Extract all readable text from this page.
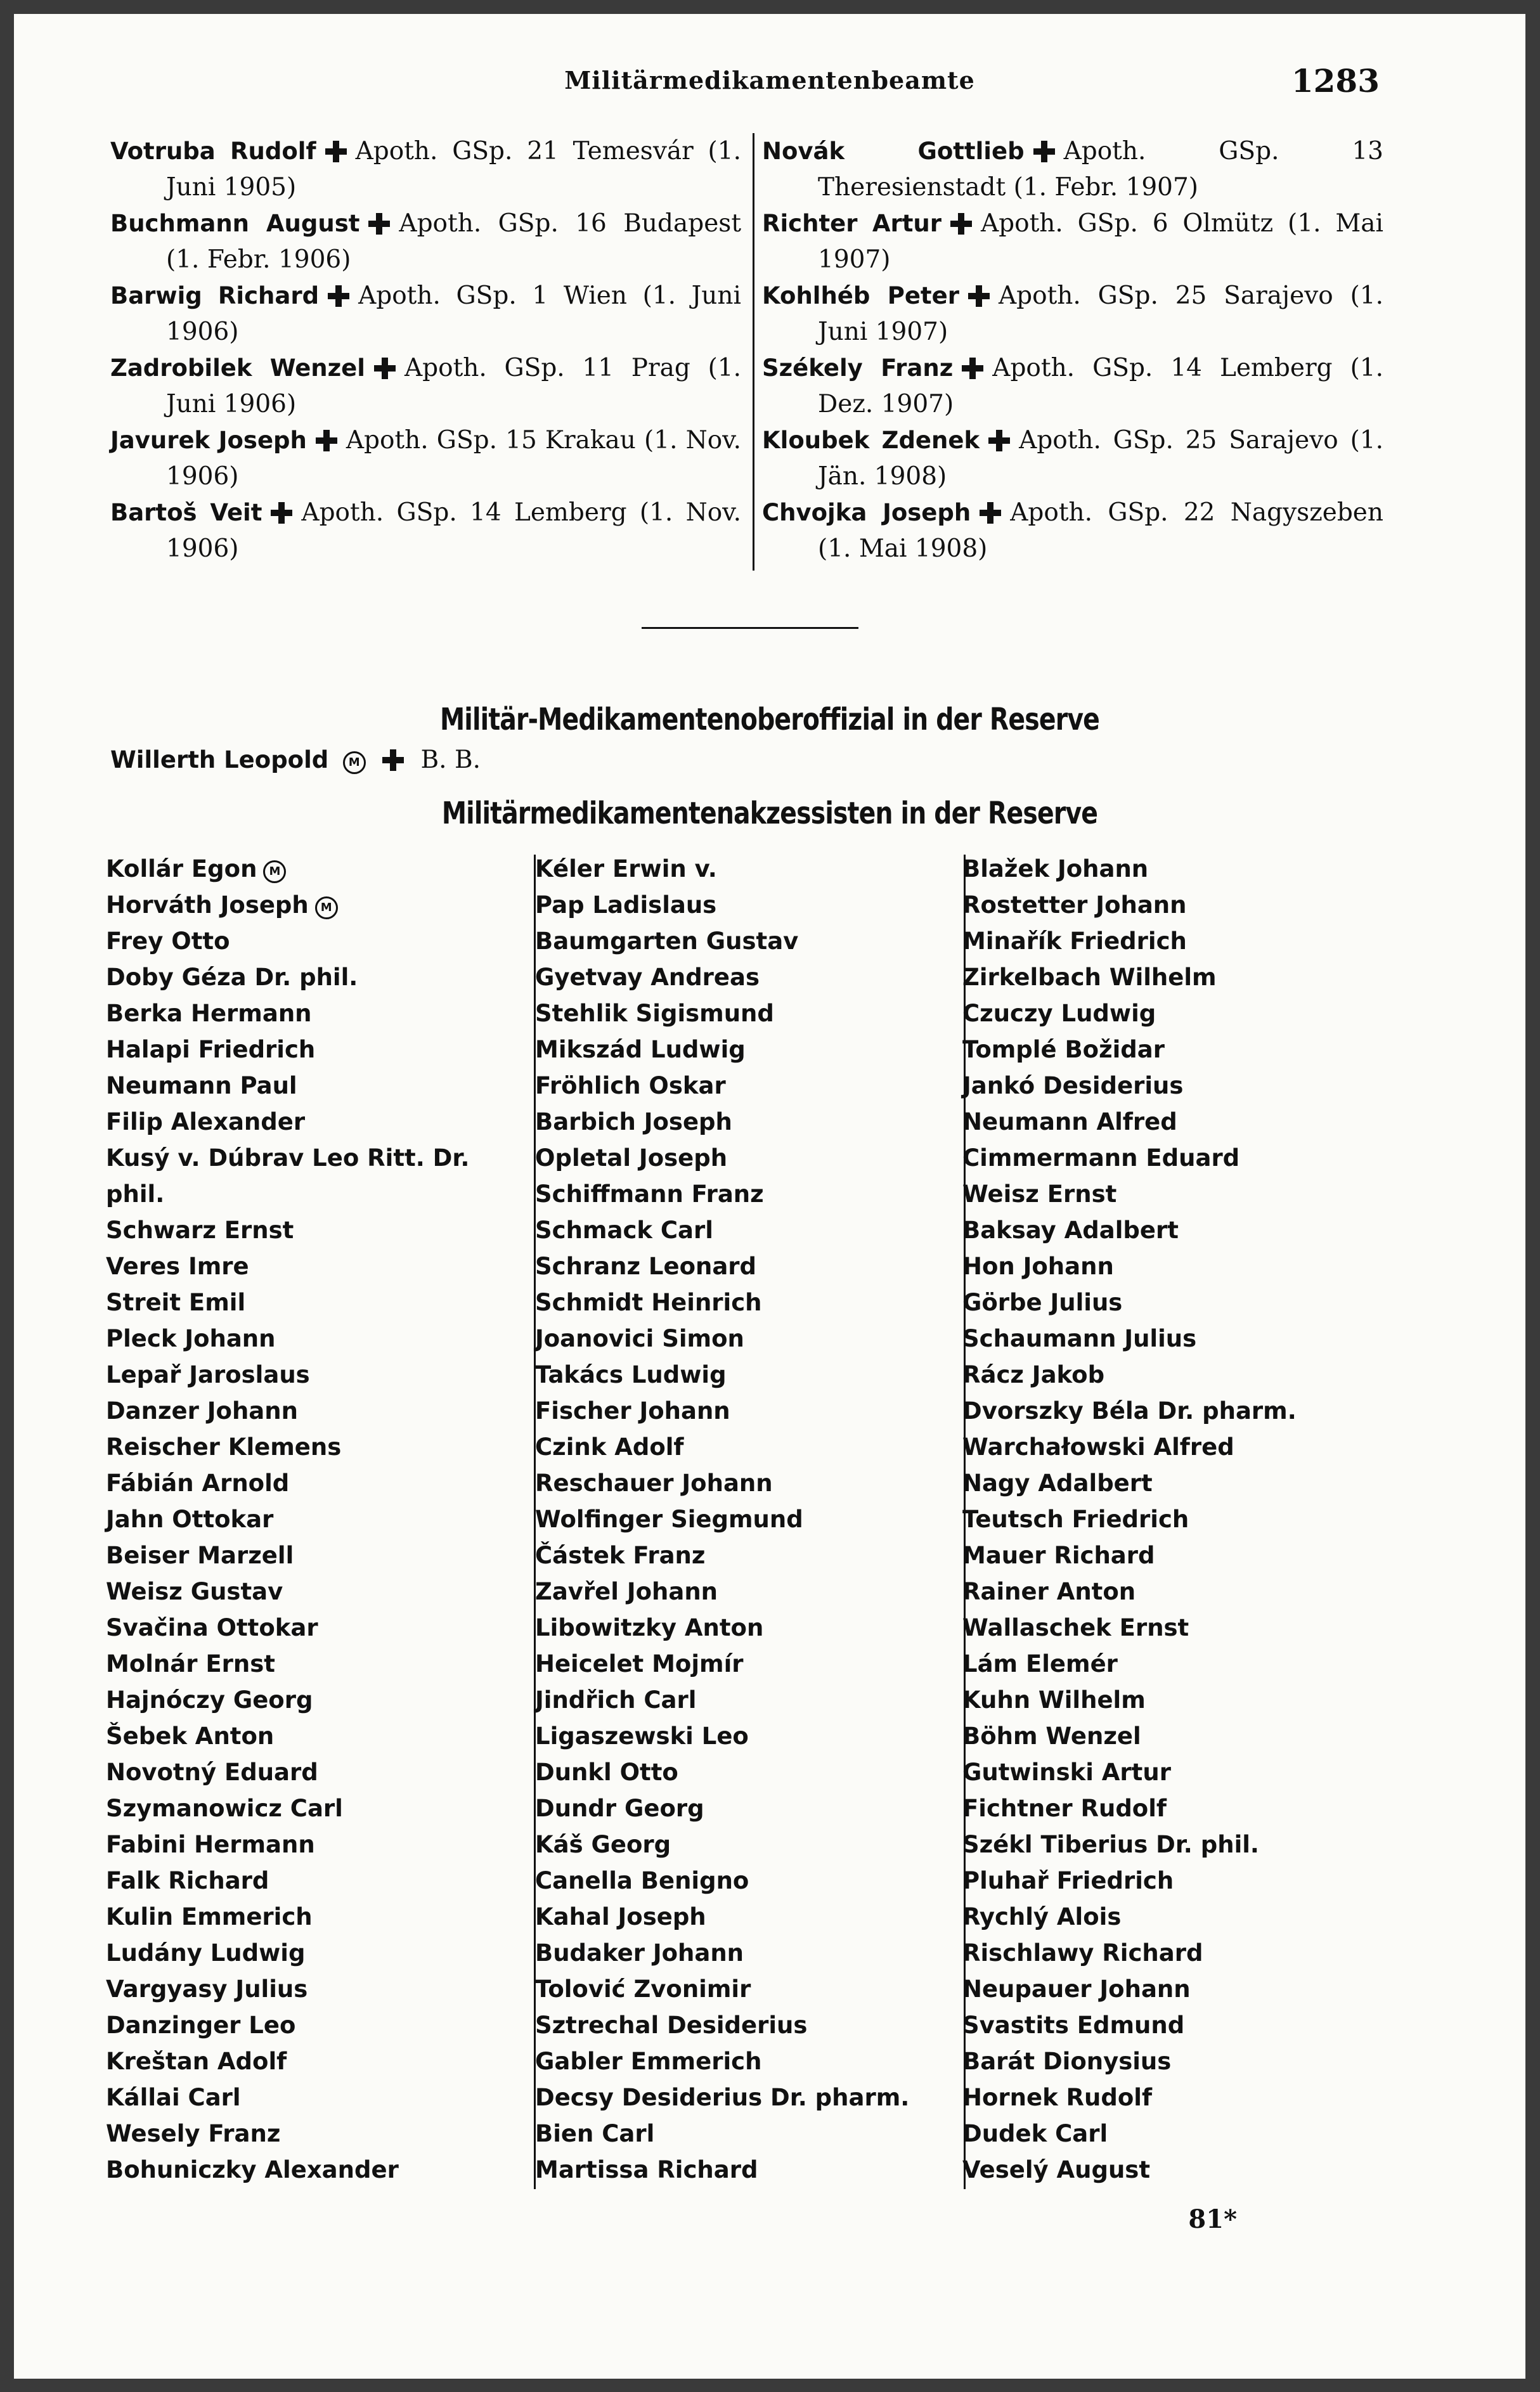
Militärmedikamentenbeamte	1283
Votruba Rudolf Apoth. GSp. 21 Temesvár (1. Juni 1905)
Buchmann August Apoth. GSp. 16 Budapest (1. Febr. 1906)
Barwig Richard Apoth. GSp. 1 Wien (1. Juni 1906)
Zadrobilek Wenzel Apoth. GSp. 11 Prag (1. Juni 1906)
Javurek Joseph Apoth. GSp. 15 Krakau (1. Nov. 1906)
Bartoš Veit Apoth. GSp. 14 Lemberg (1. Nov. 1906)
Novák Gottlieb Apoth. GSp. 13 Theresienstadt (1. Febr. 1907)
Richter Artur Apoth. GSp. 6 Olmütz (1. Mai 1907)
Kohlhéb Peter Apoth. GSp. 25 Sarajevo (1. Juni 1907)
Székely Franz Apoth. GSp. 14 Lemberg (1. Dez. 1907)
Kloubek Zdenek Apoth. GSp. 25 Sarajevo (1. Jän. 1908)
Chvojka Joseph Apoth. GSp. 22 Nagyszeben (1. Mai 1908)
Militär-Medikamentenoberoffizial in der Reserve
Willerth Leopold M B. B.
Militärmedikamentenakzessisten in der Reserve
Kollár Egon M
Horváth Joseph M
Frey Otto
Doby Géza Dr. phil.
Berka Hermann
Halapi Friedrich
Neumann Paul
Filip Alexander
Kusý v. Dúbrav Leo Ritt. Dr. phil.
Schwarz Ernst
Veres Imre
Streit Emil
Pleck Johann
Lepař Jaroslaus
Danzer Johann
Reischer Klemens
Fábián Arnold
Jahn Ottokar
Beiser Marzell
Weisz Gustav
Svačina Ottokar
Molnár Ernst
Hajnóczy Georg
Šebek Anton
Novotný Eduard
Szymanowicz Carl
Fabini Hermann
Falk Richard
Kulin Emmerich
Ludány Ludwig
Vargyasy Julius
Danzinger Leo
Kreštan Adolf
Kállai Carl
Wesely Franz
Bohuniczky Alexander
Kéler Erwin v.
Pap Ladislaus
Baumgarten Gustav
Gyetvay Andreas
Stehlik Sigismund
Mikszád Ludwig
Fröhlich Oskar
Barbich Joseph
Opletal Joseph
Schiffmann Franz
Schmack Carl
Schranz Leonard
Schmidt Heinrich
Joanovici Simon
Takács Ludwig
Fischer Johann
Czink Adolf
Reschauer Johann
Wolfinger Siegmund
Částek Franz
Zavřel Johann
Libowitzky Anton
Heicelet Mojmír
Jindřich Carl
Ligaszewski Leo
Dunkl Otto
Dundr Georg
Káš Georg
Canella Benigno
Kahal Joseph
Budaker Johann
Tolović Zvonimir
Sztrechal Desiderius
Gabler Emmerich
Decsy Desiderius Dr. pharm.
Bien Carl
Martissa Richard
Blažek Johann
Rostetter Johann
Minařík Friedrich
Zirkelbach Wilhelm
Czuczy Ludwig
Tomplé Božidar
Jankó Desiderius
Neumann Alfred
Cimmermann Eduard
Weisz Ernst
Baksay Adalbert
Hon Johann
Görbe Julius
Schaumann Julius
Rácz Jakob
Dvorszky Béla Dr. pharm.
Warchałowski Alfred
Nagy Adalbert
Teutsch Friedrich
Mauer Richard
Rainer Anton
Wallaschek Ernst
Lám Elemér
Kuhn Wilhelm
Böhm Wenzel
Gutwinski Artur
Fichtner Rudolf
Székl Tiberius Dr. phil.
Pluhař Friedrich
Rychlý Alois
Rischlawy Richard
Neupauer Johann
Svastits Edmund
Barát Dionysius
Hornek Rudolf
Dudek Carl
Veselý August
81*
